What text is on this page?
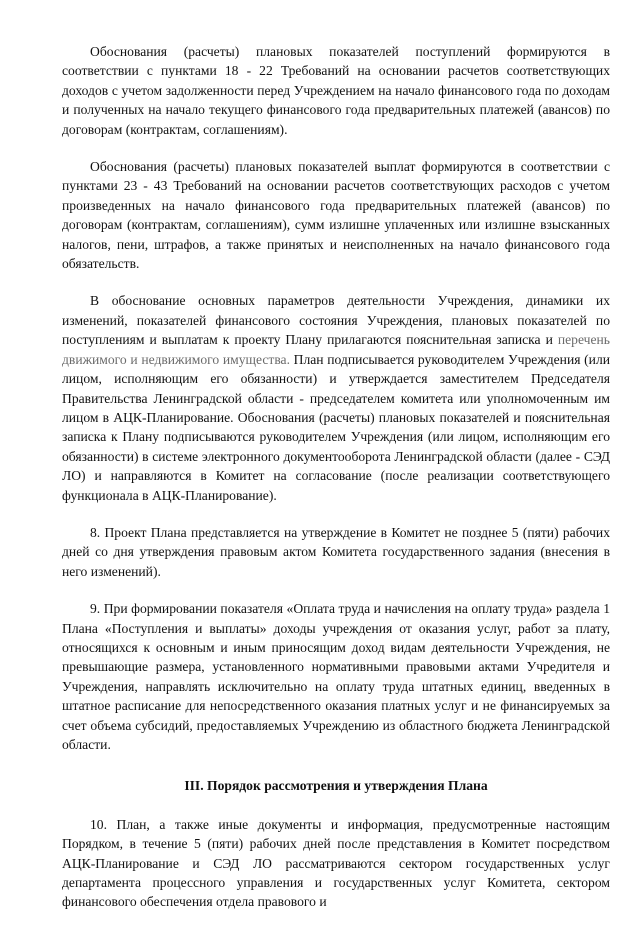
Обоснования (расчеты) плановых показателей поступлений формируются в соответствии с пунктами 18 - 22 Требований на основании расчетов соответствующих доходов с учетом задолженности перед Учреждением на начало финансового года по доходам и полученных на начало текущего финансового года предварительных платежей (авансов) по договорам (контрактам, соглашениям).

Обоснования (расчеты) плановых показателей выплат формируются в соответствии с пунктами 23 - 43 Требований на основании расчетов соответствующих расходов с учетом произведенных на начало финансового года предварительных платежей (авансов) по договорам (контрактам, соглашениям), сумм излишне уплаченных или излишне взысканных налогов, пени, штрафов, а также принятых и неисполненных на начало финансового года обязательств.

В обоснование основных параметров деятельности Учреждения, динамики их изменений, показателей финансового состояния Учреждения, плановых показателей по поступлениям и выплатам к проекту Плану прилагаются пояснительная записка и перечень движимого и недвижимого имущества. План подписывается руководителем Учреждения (или лицом, исполняющим его обязанности) и утверждается заместителем Председателя Правительства Ленинградской области - председателем комитета или уполномоченным им лицом в АЦК-Планирование. Обоснования (расчеты) плановых показателей и пояснительная записка к Плану подписываются руководителем Учреждения (или лицом, исполняющим его обязанности) в системе электронного документооборота Ленинградской области (далее - СЭД ЛО) и направляются в Комитет на согласование (после реализации соответствующего функционала в АЦК-Планирование).

8. Проект Плана представляется на утверждение в Комитет не позднее 5 (пяти) рабочих дней со дня утверждения правовым актом Комитета государственного задания (внесения в него изменений).

9. При формировании показателя «Оплата труда и начисления на оплату труда» раздела 1 Плана «Поступления и выплаты» доходы учреждения от оказания услуг, работ за плату, относящихся к основным и иным приносящим доход видам деятельности Учреждения, не превышающие размера, установленного нормативными правовыми актами Учредителя и Учреждения, направлять исключительно на оплату труда штатных единиц, введенных в штатное расписание для непосредственного оказания платных услуг и не финансируемых за счет объема субсидий, предоставляемых Учреждению из областного бюджета Ленинградской области.

III. Порядок рассмотрения и утверждения Плана

10. План, а также иные документы и информация, предусмотренные настоящим Порядком, в течение 5 (пяти) рабочих дней после представления в Комитет посредством АЦК-Планирование и СЭД ЛО рассматриваются сектором государственных услуг департамента процессного управления и государственных услуг Комитета, сектором финансового обеспечения отдела правового и
